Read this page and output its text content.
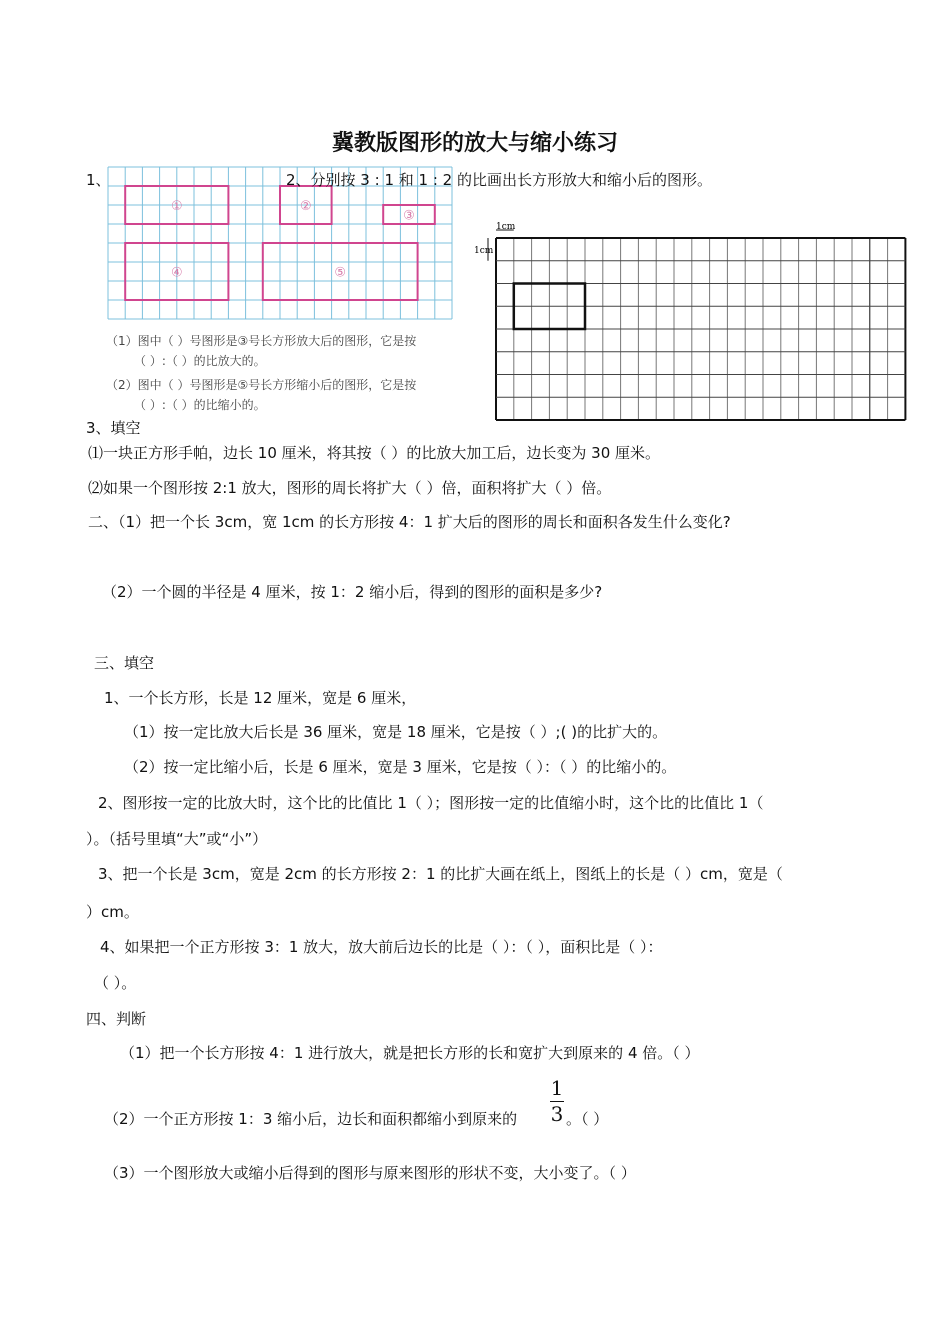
冀教版图形的放大与缩小练习
1、
①	②
③
④	⑤
（1）图中（ ）号图形是③号长方形放大后的图形，它是按
（ ）:（ ）的比放大的。
（2）图中（ ）号图形是⑤号长方形缩小后的图形，它是按
（ ）:（ ）的比缩小的。
2、分别按 3 : 1 和 1 : 2 的比画出长方形放大和缩小后的图形。
1cm
1cm
3、填空
⑴一块正方形手帕，边长 10 厘米，将其按（ ）的比放大加工后，边长变为 30 厘米。
⑵如果一个图形按 2:1 放大，图形的周长将扩大（ ）倍，面积将扩大（ ）倍。
二、（1）把一个长 3cm，宽 1cm 的长方形按 4：1 扩大后的图形的周长和面积各发生什么变化?
（2）一个圆的半径是 4 厘米，按 1：2 缩小后，得到的图形的面积是多少?
三、填空
1、一个长方形，长是 12 厘米，宽是 6 厘米，
（1）按一定比放大后长是 36 厘米，宽是 18 厘米，它是按（ ）;( )的比扩大的。
（2）按一定比缩小后，长是 6 厘米，宽是 3 厘米，它是按（ ）：（ ）的比缩小的。
2、图形按一定的比放大时，这个比的比值比 1（ ）；图形按一定的比值缩小时，这个比的比值比 1（
）。（括号里填“大”或“小”）
3、把一个长是 3cm，宽是 2cm 的长方形按 2：1 的比扩大画在纸上，图纸上的长是（ ）cm，宽是（
）cm。
4、如果把一个正方形按 3：1 放大，放大前后边长的比是（ ）：（ ），面积比是（ ）：
（ ）。
四、判断
（1）把一个长方形按 4：1 进行放大，就是把长方形的长和宽扩大到原来的 4 倍。（ ）
（2）一个正方形按 1：3 缩小后，边长和面积都缩小到原来的
1
3 。（ ）
（3）一个图形放大或缩小后得到的图形与原来图形的形状不变，大小变了。（ ）
